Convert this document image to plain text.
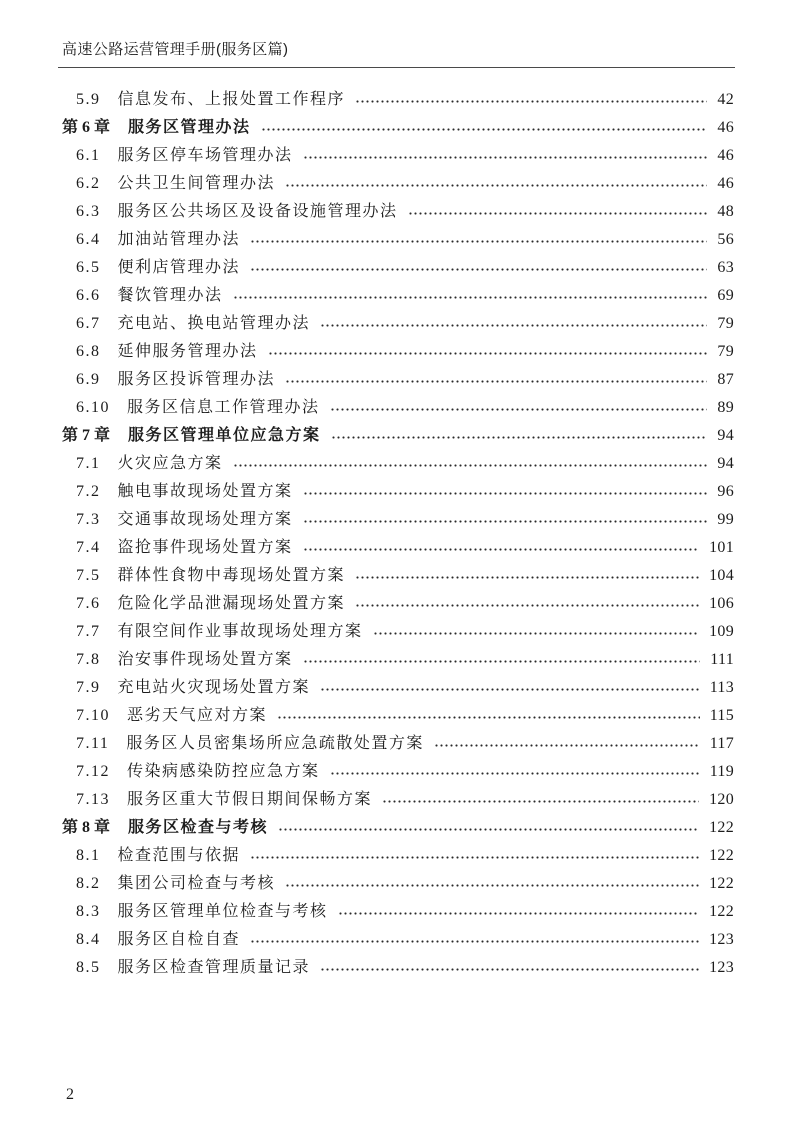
高速公路运营管理手册(服务区篇)
5.9 信息发布、上报处置工作程序	42
第6章 服务区管理办法	46
6.1 服务区停车场管理办法	46
6.2 公共卫生间管理办法	46
6.3 服务区公共场区及设备设施管理办法	48
6.4 加油站管理办法	56
6.5 便利店管理办法	63
6.6 餐饮管理办法	69
6.7 充电站、换电站管理办法	79
6.8 延伸服务管理办法	79
6.9 服务区投诉管理办法	87
6.10 服务区信息工作管理办法	89
第7章 服务区管理单位应急方案	94
7.1 火灾应急方案	94
7.2 触电事故现场处置方案	96
7.3 交通事故现场处理方案	99
7.4 盗抢事件现场处置方案	101
7.5 群体性食物中毒现场处置方案	104
7.6 危险化学品泄漏现场处置方案	106
7.7 有限空间作业事故现场处理方案	109
7.8 治安事件现场处置方案	111
7.9 充电站火灾现场处置方案	113
7.10 恶劣天气应对方案	115
7.11 服务区人员密集场所应急疏散处置方案	117
7.12 传染病感染防控应急方案	119
7.13 服务区重大节假日期间保畅方案	120
第8章 服务区检查与考核	122
8.1 检查范围与依据	122
8.2 集团公司检查与考核	122
8.3 服务区管理单位检查与考核	122
8.4 服务区自检自查	123
8.5 服务区检查管理质量记录	123
2
